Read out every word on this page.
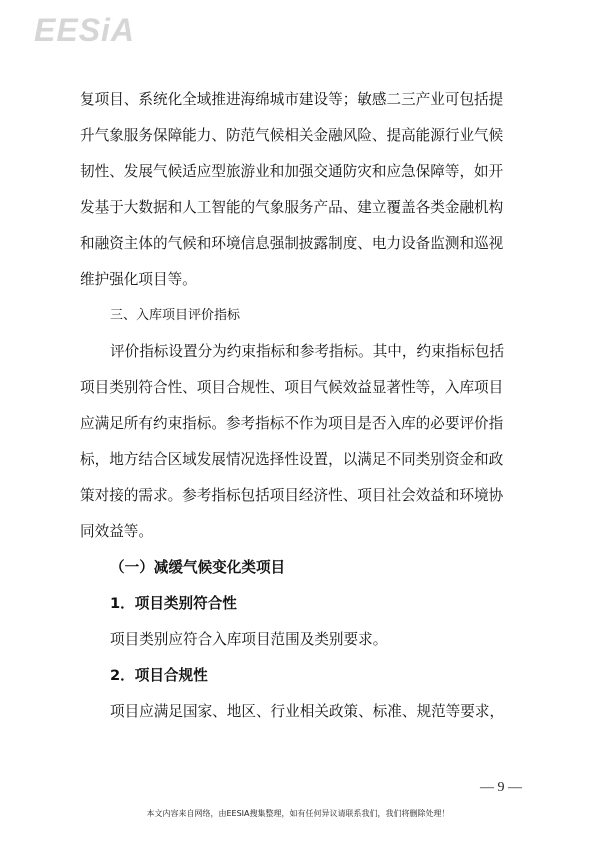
EESiA
复项目、系统化全域推进海绵城市建设等；敏感二三产业可包括提
升气象服务保障能力、防范气候相关金融风险、提高能源行业气候
韧性、发展气候适应型旅游业和加强交通防灾和应急保障等，如开
发基于大数据和人工智能的气象服务产品、建立覆盖各类金融机构
和融资主体的气候和环境信息强制披露制度、电力设备监测和巡视
维护强化项目等。
三、入库项目评价指标
评价指标设置分为约束指标和参考指标。其中，约束指标包括
项目类别符合性、项目合规性、项目气候效益显著性等，入库项目
应满足所有约束指标。参考指标不作为项目是否入库的必要评价指
标，地方结合区域发展情况选择性设置，以满足不同类别资金和政
策对接的需求。参考指标包括项目经济性、项目社会效益和环境协
同效益等。
（一）减缓气候变化类项目
1．项目类别符合性
项目类别应符合入库项目范围及类别要求。
2．项目合规性
项目应满足国家、地区、行业相关政策、标准、规范等要求，
— 9 —
本文内容来自网络，由EESIA搜集整理，如有任何异议请联系我们，我们将删除处理！
